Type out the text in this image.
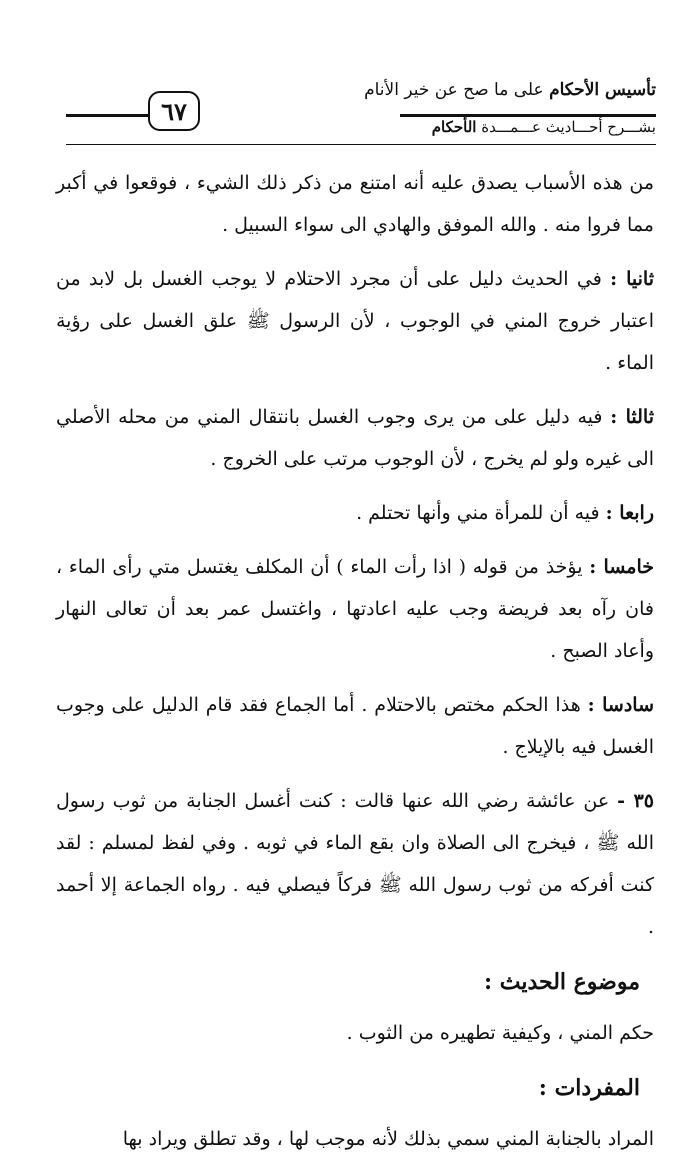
تأسيس الأحكام على ما صح عن خير الأنام
٦٧
بشـــرح أحـــاديث عـــمـــدة الأحكام

من هذه الأسباب يصدق عليه أنه امتنع من ذكر ذلك الشيء ، فوقعوا في أكبر مما فروا منه . والله الموفق والهادي الى سواء السبيل .

ثانيا : في الحديث دليل على أن مجرد الاحتلام لا يوجب الغسل بل لابد من اعتبار خروج المني في الوجوب ، لأن الرسول ﷺ علق الغسل على رؤية الماء .

ثالثا : فيه دليل على من يرى وجوب الغسل بانتقال المني من محله الأصلي الى غيره ولو لم يخرج ، لأن الوجوب مرتب على الخروج .

رابعا : فيه أن للمرأة مني وأنها تحتلم .

خامسا : يؤخذ من قوله ( اذا رأت الماء ) أن المكلف يغتسل متي رأى الماء ، فان رآه بعد فريضة وجب عليه اعادتها ، واغتسل عمر بعد أن تعالى النهار وأعاد الصبح .

سادسا : هذا الحكم مختص بالاحتلام . أما الجماع فقد قام الدليل على وجوب الغسل فيه بالإيلاج .

٣٥ - عن عائشة رضي الله عنها قالت : كنت أغسل الجنابة من ثوب رسول الله ﷺ ، فيخرج الى الصلاة وان بقع الماء في ثوبه . وفي لفظ لمسلم : لقد كنت أفركه من ثوب رسول الله ﷺ فركاً فيصلي فيه . رواه الجماعة إلا أحمد .

موضوع الحديث :

حكم المني ، وكيفية تطهيره من الثوب .

المفردات :

المراد بالجنابة المني سمي بذلك لأنه موجب لها ، وقد تطلق ويراد بها
